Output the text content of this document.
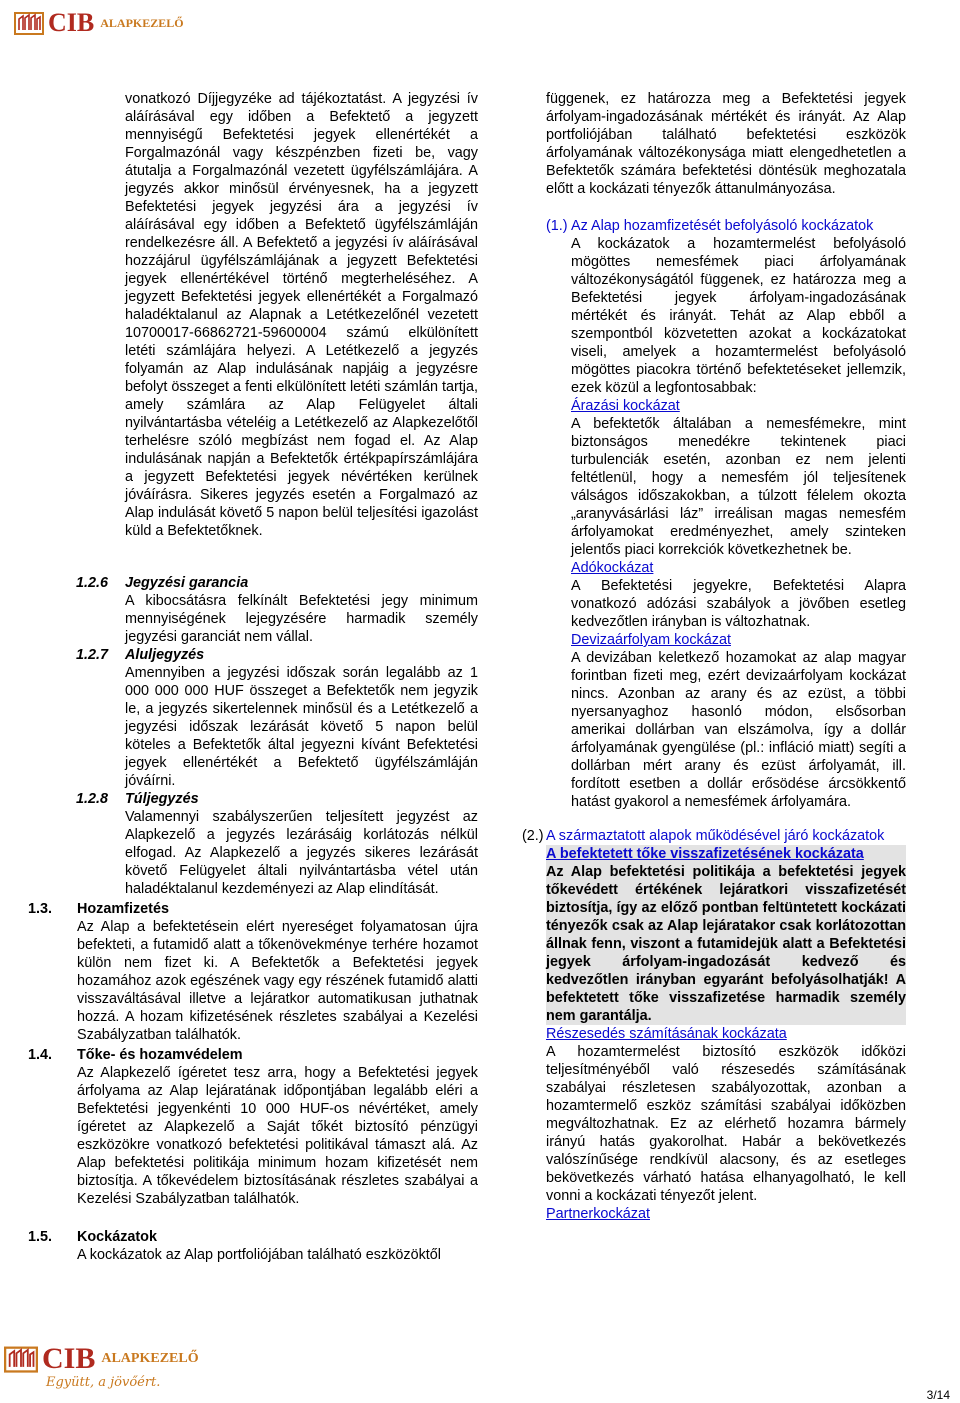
CIB ALAPKEZELŐ

vonatkozó Díjjegyzéke ad tájékoztatást. A jegyzési ív aláírásával egy időben a Befektető a jegyzett mennyiségű Befektetési jegyek ellenértékét a Forgalmazónál vagy készpénzben fizeti be, vagy átutalja a Forgalmazónál vezetett ügyfélszámlájára. A jegyzés akkor minősül érvényesnek, ha a jegyzett Befektetési jegyek jegyzési ára a jegyzési ív aláírásával egy időben a Befektető ügyfélszámláján rendelkezésre áll. A Befektető a jegyzési ív aláírásával hozzájárul ügyfélszámlájának a jegyzett Befektetési jegyek ellenértékével történő megterheléséhez. A jegyzett Befektetési jegyek ellenértékét a Forgalmazó haladéktalanul az Alapnak a Letétkezelőnél vezetett 10700017-66862721-59600004 számú elkülönített letéti számlájára helyezi. A Letétkezelő a jegyzés folyamán az Alap indulásának napjáig a jegyzésre befolyt összeget a fenti elkülönített letéti számlán tartja, amely számlára az Alap Felügyelet általi nyilvántartásba vételéig a Letétkezelő az Alapkezelőtől terhelésre szóló megbízást nem fogad el. Az Alap indulásának napján a Befektetők értékpapírszámlájára a jegyzett Befektetési jegyek névértéken kerülnek jóváírásra. Sikeres jegyzés esetén a Forgalmazó az Alap indulását követő 5 napon belül teljesítési igazolást küld a Befektetőknek.

1.2.6 Jegyzési garancia

A kibocsátásra felkínált Befektetési jegy minimum mennyiségének lejegyzésére harmadik személy jegyzési garanciát nem vállal.

1.2.7 Aluljegyzés

Amennyiben a jegyzési időszak során legalább az 1 000 000 000 HUF összeget a Befektetők nem jegyzik le, a jegyzés sikertelennek minősül és a Letétkezelő a jegyzési időszak lezárását követő 5 napon belül köteles a Befektetők által jegyezni kívánt Befektetési jegyek ellenértékét a Befektető ügyfélszámláján jóváírni.

1.2.8 Túljegyzés

Valamennyi szabályszerűen teljesített jegyzést az Alapkezelő a jegyzés lezárásáig korlátozás nélkül elfogad. Az Alapkezelő a jegyzés sikeres lezárását követő Felügyelet általi nyilvántartásba vétel után haladéktalanul kezdeményezi az Alap elindítását.

1.3. Hozamfizetés

Az Alap a befektetésein elért nyereséget folyamatosan újra befekteti, a futamidő alatt a tőkenövekménye terhére hozamot külön nem fizet ki. A Befektetők a Befektetési jegyek hozamához azok egészének vagy egy részének futamidő alatti visszaváltásával illetve a lejáratkor automatikusan juthatnak hozzá. A hozam kifizetésének részletes szabályai a Kezelési Szabályzatban találhatók.

1.4. Tőke- és hozamvédelem

Az Alapkezelő ígéretet tesz arra, hogy a Befektetési jegyek árfolyama az Alap lejáratának időpontjában legalább eléri a Befektetési jegyenkénti 10 000 HUF-os névértéket, amely ígéretet az Alapkezelő a Saját tőkét biztosító pénzügyi eszközökre vonatkozó befektetési politikával támaszt alá. Az Alap befektetési politikája minimum hozam kifizetését nem biztosítja. A tőkevédelem biztosításának részletes szabályai a Kezelési Szabályzatban találhatók.

1.5. Kockázatok

A kockázatok az Alap portfoliójában található eszközöktől

függenek, ez határozza meg a Befektetési jegyek árfolyam-ingadozásának mértékét és irányát. Az Alap portfoliójában található befektetési eszközök árfolyamának változékonysága miatt elengedhetetlen a Befektetők számára befektetési döntésük meghozatala előtt a kockázati tényezők áttanulmányozása.

(1.) Az Alap hozamfizetését befolyásoló kockázatok

A kockázatok a hozamtermelést befolyásoló mögöttes nemesfémek piaci árfolyamának változékonyságától függenek, ez határozza meg a Befektetési jegyek árfolyam-ingadozásának mértékét és irányát. Tehát az Alap ebből a szempontból közvetetten azokat a kockázatokat viseli, amelyek a hozamtermelést befolyásoló mögöttes piacokra történő befektetéseket jellemzik, ezek közül a legfontosabbak:

Árazási kockázat

A befektetők általában a nemesfémekre, mint biztonságos menedékre tekintenek piaci turbulenciák esetén, azonban ez nem jelenti feltétlenül, hogy a nemesfém jól teljesítenek válságos időszakokban, a túlzott félelem okozta „aranyvásárlási láz” irreálisan magas nemesfém árfolyamokat eredményezhet, amely szinteken jelentős piaci korrekciók következhetnek be.

Adókockázat

A Befektetési jegyekre, Befektetési Alapra vonatkozó adózási szabályok a jövőben esetleg kedvezőtlen irányban is változhatnak.

Devizaárfolyam kockázat

A devizában keletkező hozamokat az alap magyar forintban fizeti meg, ezért devizaárfolyam kockázat nincs. Azonban az arany és az ezüst, a többi nyersanyaghoz hasonló módon, elsősorban amerikai dollárban van elszámolva, így a dollár árfolyamának gyengülése (pl.: infláció miatt) segíti a dollárban mért arany és ezüst árfolyamát, ill. fordított esetben a dollár erősödése árcsökkentő hatást gyakorol a nemesfémek árfolyamára.

(2.) A származtatott alapok működésével járó kockázatok

A befektetett tőke visszafizetésének kockázata

Az Alap befektetési politikája a befektetési jegyek tőkevédett értékének lejáratkori visszafizetését biztosítja, így az előző pontban feltüntetett kockázati tényezők csak az Alap lejáratakor csak korlátozottan állnak fenn, viszont a futamidejük alatt a Befektetési jegyek árfolyam-ingadozását kedvező és kedvezőtlen irányban egyaránt befolyásolhatják! A befektetett tőke visszafizetése harmadik személy nem garantálja.

Részesedés számításának kockázata

A hozamtermelést biztosító eszközök időközi teljesítményéből való részesedés számításának szabályai részletesen szabályozottak, azonban a hozamtermelő eszköz számítási szabályai időközben megváltozhatnak. Ez az elérhető hozamra bármely irányú hatás gyakorolhat. Habár a bekövetkezés valószínűsége rendkívül alacsony, és az esetleges bekövetkezés várható hatása elhanyagolható, le kell vonni a kockázati tényezőt jelent.

Partnerkockázat

CIB ALAPKEZELŐ
Együtt, a jövőért.
3/14
